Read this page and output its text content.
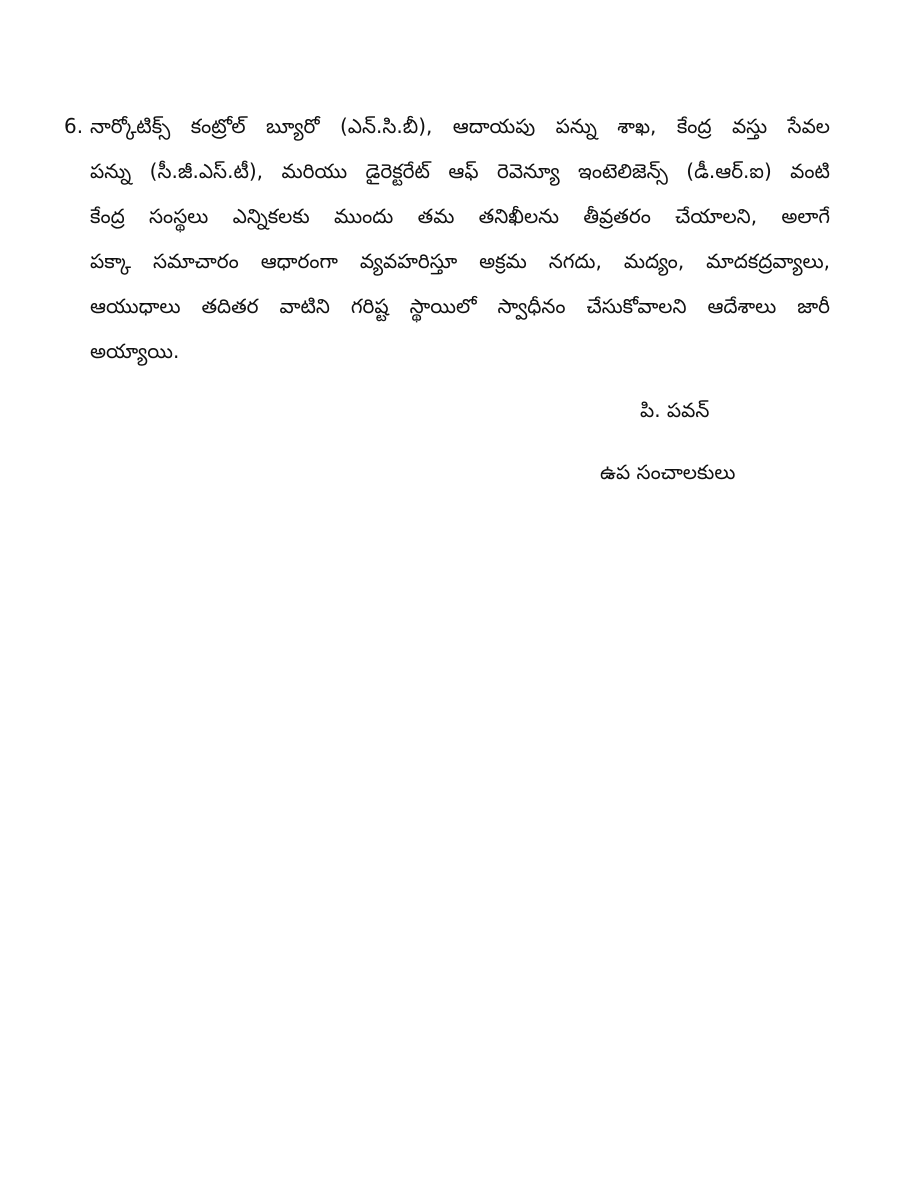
6. నార్కోటిక్స్ కంట్రోల్ బ్యూరో (ఎన్.సి.బీ), ఆదాయపు పన్ను శాఖ, కేంద్ర వస్తు సేవల
పన్ను (సీ.జీ.ఎస్.టీ), మరియు డైరెక్టరేట్ ఆఫ్ రెవెన్యూ ఇంటెలిజెన్స్ (డీ.ఆర్.ఐ) వంటి
కేంద్ర సంస్థలు ఎన్నికలకు ముందు తమ తనిఖీలను తీవ్రతరం చేయాలని, అలాగే
పక్కా సమాచారం ఆధారంగా వ్యవహరిస్తూ అక్రమ నగదు, మద్యం, మాదకద్రవ్యాలు,
ఆయుధాలు తదితర వాటిని గరిష్ట స్థాయిలో స్వాధీనం చేసుకోవాలని ఆదేశాలు జారీ
అయ్యాయి.
పి. పవన్
ఉప సంచాలకులు
